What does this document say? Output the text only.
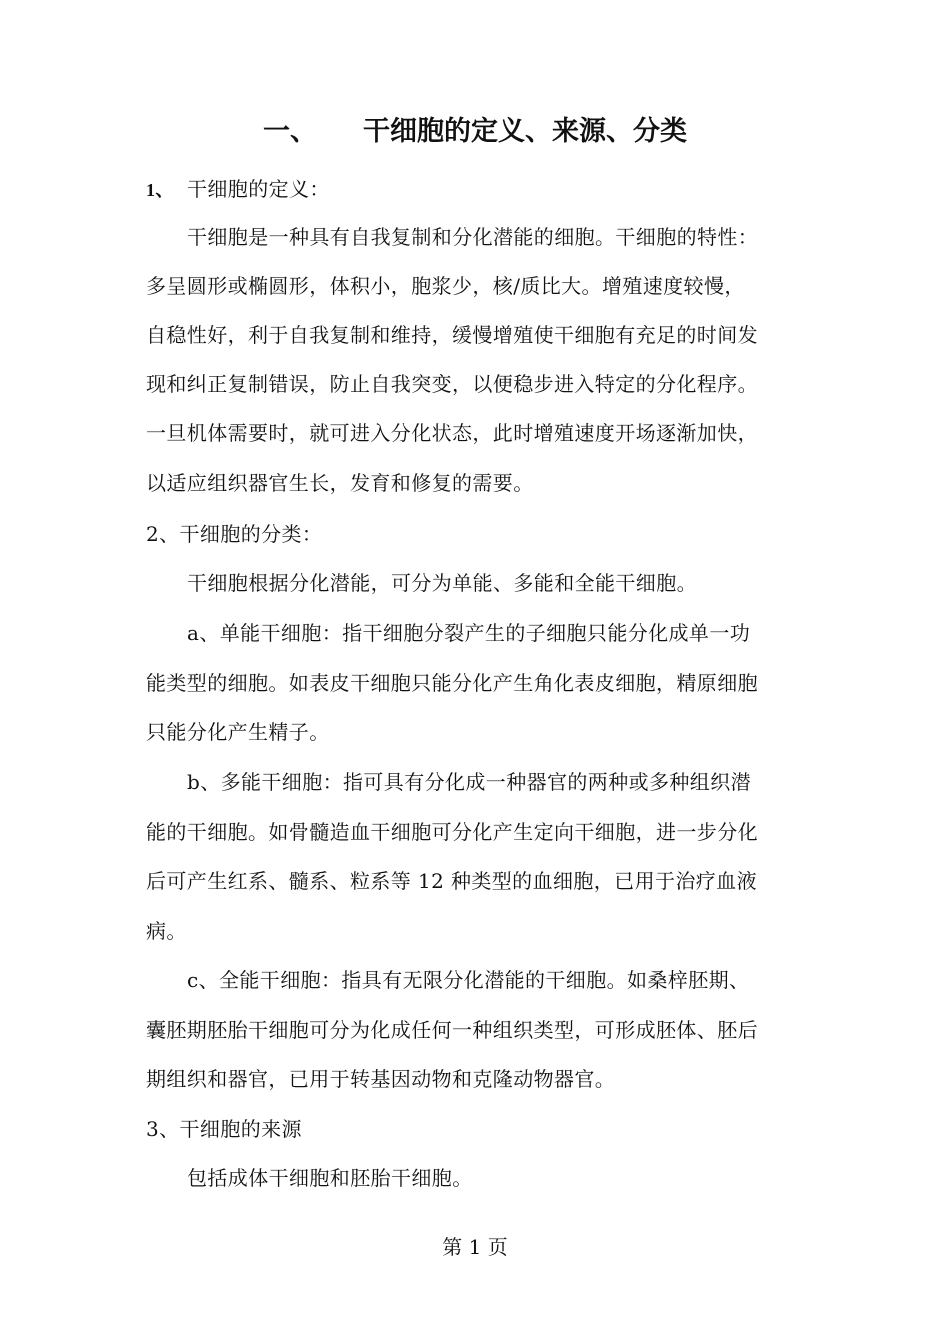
一、 干细胞的定义、来源、分类
1、 干细胞的定义：
干细胞是一种具有自我复制和分化潜能的细胞。干细胞的特性：
多呈圆形或椭圆形，体积小，胞浆少，核/质比大。增殖速度较慢，
自稳性好，利于自我复制和维持，缓慢增殖使干细胞有充足的时间发
现和纠正复制错误，防止自我突变，以便稳步进入特定的分化程序。
一旦机体需要时，就可进入分化状态，此时增殖速度开场逐渐加快，
以适应组织器官生长，发育和修复的需要。
2、干细胞的分类：
干细胞根据分化潜能，可分为单能、多能和全能干细胞。
a、单能干细胞：指干细胞分裂产生的子细胞只能分化成单一功
能类型的细胞。如表皮干细胞只能分化产生角化表皮细胞，精原细胞
只能分化产生精子。
b、多能干细胞：指可具有分化成一种器官的两种或多种组织潜
能的干细胞。如骨髓造血干细胞可分化产生定向干细胞，进一步分化
后可产生红系、髓系、粒系等 12 种类型的血细胞，已用于治疗血液
病。
c、全能干细胞：指具有无限分化潜能的干细胞。如桑梓胚期、
囊胚期胚胎干细胞可分为化成任何一种组织类型，可形成胚体、胚后
期组织和器官，已用于转基因动物和克隆动物器官。
3、干细胞的来源
包括成体干细胞和胚胎干细胞。
第 1 页
